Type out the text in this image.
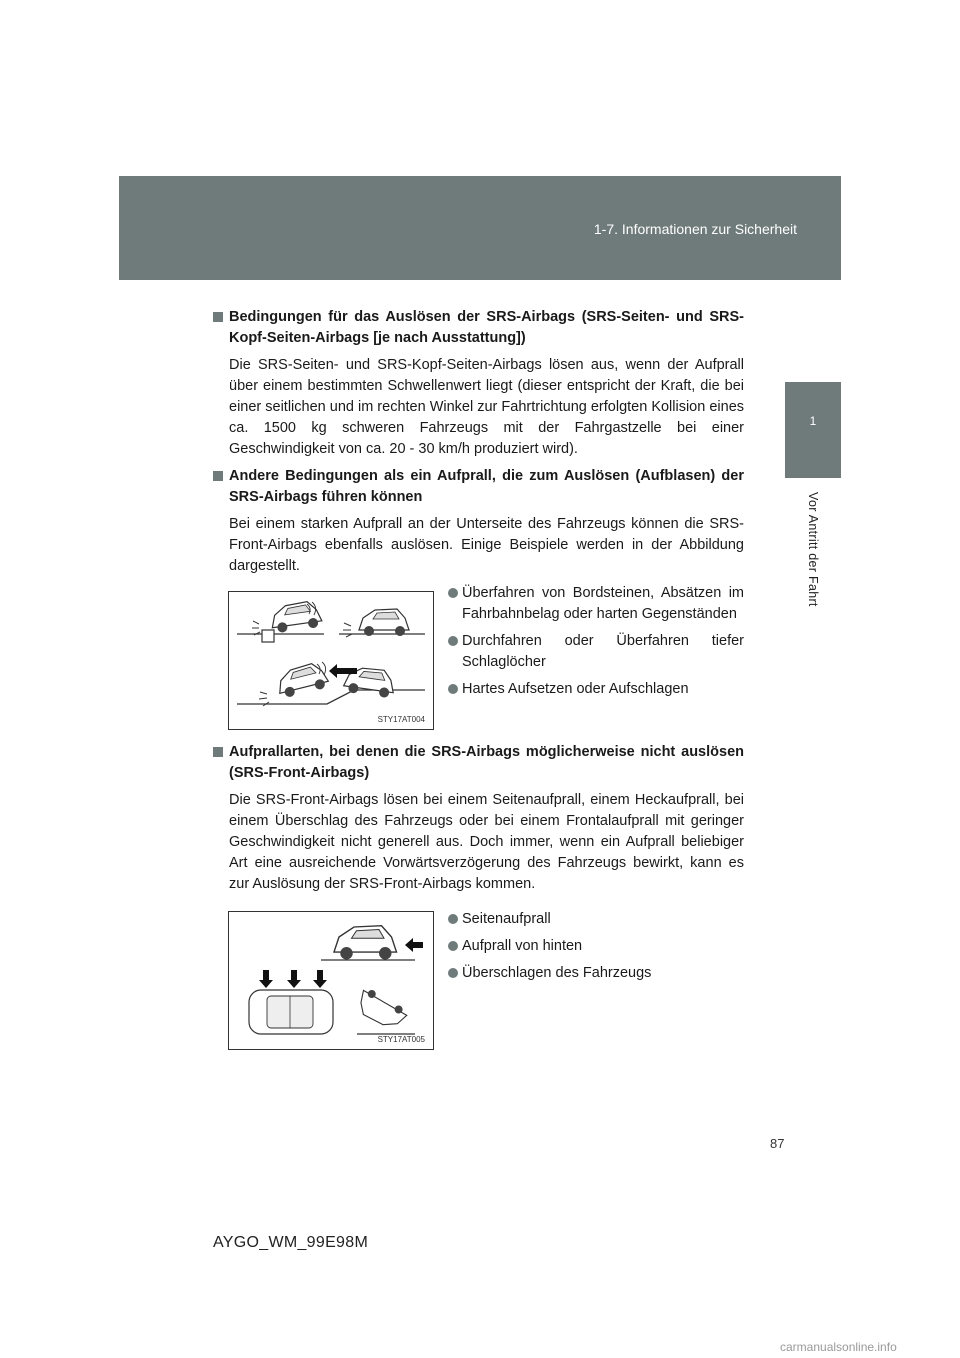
1-7. Informationen zur Sicherheit
1
Vor Antritt der Fahrt
Bedingungen für das Auslösen der SRS-Airbags (SRS-Seiten- und SRS-Kopf-Seiten-Airbags [je nach Ausstattung])
Die SRS-Seiten- und SRS-Kopf-Seiten-Airbags lösen aus, wenn der Aufprall über einem bestimmten Schwellenwert liegt (dieser entspricht der Kraft, die bei einer seitlichen und im rechten Winkel zur Fahrtrichtung erfolgten Kollision eines ca. 1500 kg schweren Fahrzeugs mit der Fahrgastzelle bei einer Geschwindigkeit von ca. 20 - 30 km/h produziert wird).
Andere Bedingungen als ein Aufprall, die zum Auslösen (Aufblasen) der SRS-Airbags führen können
Bei einem starken Aufprall an der Unterseite des Fahrzeugs können die SRS-Front-Airbags ebenfalls auslösen. Einige Beispiele werden in der Abbildung dargestellt.
STY17AT004
Überfahren von Bordsteinen, Absätzen im Fahrbahnbelag oder harten Gegenständen
Durchfahren oder Überfahren tiefer Schlaglöcher
Hartes Aufsetzen oder Aufschlagen
Aufprallarten, bei denen die SRS-Airbags möglicherweise nicht auslösen (SRS-Front-Airbags)
Die SRS-Front-Airbags lösen bei einem Seitenaufprall, einem Heckaufprall, bei einem Überschlag des Fahrzeugs oder bei einem Frontalaufprall mit geringer Geschwindigkeit nicht generell aus. Doch immer, wenn ein Aufprall beliebiger Art eine ausreichende Vorwärtsverzögerung des Fahrzeugs bewirkt, kann es zur Auslösung der SRS-Front-Airbags kommen.
STY17AT005
Seitenaufprall
Aufprall von hinten
Überschlagen des Fahrzeugs
87
AYGO_WM_99E98M
carmanualsonline.info
